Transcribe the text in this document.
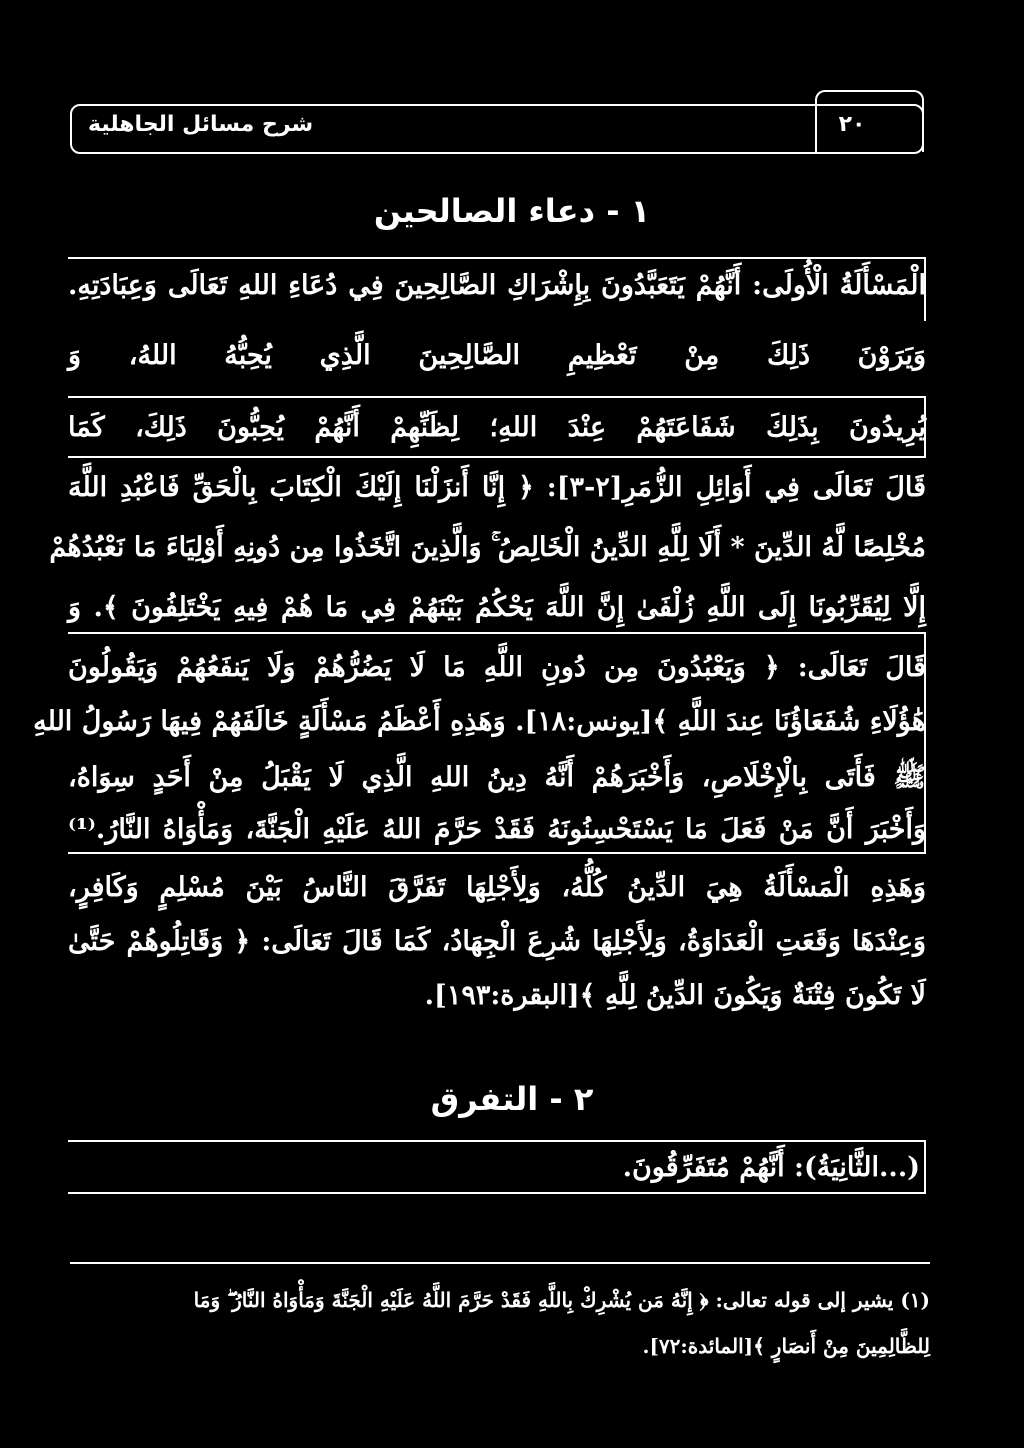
شرح مسائل الجاهلية	٢٠
١ - دعاء الصالحين
الْمَسْأَلَةُ الْأُولَى: أَنَّهُمْ يَتَعَبَّدُونَ بِإِشْرَاكِ الصَّالِحِينَ فِي دُعَاءِ اللهِ تَعَالَى وَعِبَادَتِهِ.
وَيَرَوْنَ ذَلِكَ مِنْ تَعْظِيمِ الصَّالِحِينَ الَّذِي يُحِبُّهُ اللهُ، وَ
يُرِيدُونَ بِذَلِكَ شَفَاعَتَهُمْ عِنْدَ اللهِ؛ لِظَنِّهِمْ أَنَّهُمْ يُحِبُّونَ ذَلِكَ، كَمَا
قَالَ تَعَالَى فِي أَوَائِلِ الزُّمَرِ[٢-٣]: ﴿ إِنَّا أَنزَلْنَا إِلَيْكَ الْكِتَابَ بِالْحَقِّ فَاعْبُدِ اللَّهَ
مُخْلِصًا لَّهُ الدِّينَ * أَلَا لِلَّهِ الدِّينُ الْخَالِصُ ۚ وَالَّذِينَ اتَّخَذُوا مِن دُونِهِ أَوْلِيَاءَ مَا نَعْبُدُهُمْ
إِلَّا لِيُقَرِّبُونَا إِلَى اللَّهِ زُلْفَىٰ إِنَّ اللَّهَ يَحْكُمُ بَيْنَهُمْ فِي مَا هُمْ فِيهِ يَخْتَلِفُونَ ﴾. وَ
قَالَ تَعَالَى: ﴿ وَيَعْبُدُونَ مِن دُونِ اللَّهِ مَا لَا يَضُرُّهُمْ وَلَا يَنفَعُهُمْ وَيَقُولُونَ
هَٰؤُلَاءِ شُفَعَاؤُنَا عِندَ اللَّهِ ﴾[يونس:١٨]. وَهَذِهِ أَعْظَمُ مَسْأَلَةٍ خَالَفَهُمْ فِيهَا رَسُولُ اللهِ
ﷺ فَأَتَى بِالْإِخْلَاصِ، وَأَخْبَرَهُمْ أَنَّهُ دِينُ اللهِ الَّذِي لَا يَقْبَلُ مِنْ أَحَدٍ سِوَاهُ،
وَأَخْبَرَ أَنَّ مَنْ فَعَلَ مَا يَسْتَحْسِنُونَهُ فَقَدْ حَرَّمَ اللهُ عَلَيْهِ الْجَنَّةَ، وَمَأْوَاهُ النَّارُ.⁽¹⁾
وَهَذِهِ الْمَسْأَلَةُ هِيَ الدِّينُ كُلُّهُ، وَلِأَجْلِهَا تَفَرَّقَ النَّاسُ بَيْنَ مُسْلِمٍ وَكَافِرٍ،
وَعِنْدَهَا وَقَعَتِ الْعَدَاوَةُ، وَلِأَجْلِهَا شُرِعَ الْجِهَادُ، كَمَا قَالَ تَعَالَى: ﴿ وَقَاتِلُوهُمْ حَتَّىٰ
لَا تَكُونَ فِتْنَةٌ وَيَكُونَ الدِّينُ لِلَّهِ ﴾[البقرة:١٩٣].
٢ - التفرق
(...الثَّانِيَةُ): أَنَّهُمْ مُتَفَرِّقُونَ.
(١) يشير إلى قوله تعالى: ﴿ إِنَّهُ مَن يُشْرِكْ بِاللَّهِ فَقَدْ حَرَّمَ اللَّهُ عَلَيْهِ الْجَنَّةَ وَمَأْوَاهُ النَّارُ ۖ وَمَا
لِلظَّالِمِينَ مِنْ أَنصَارٍ ﴾[المائدة:٧٢].
